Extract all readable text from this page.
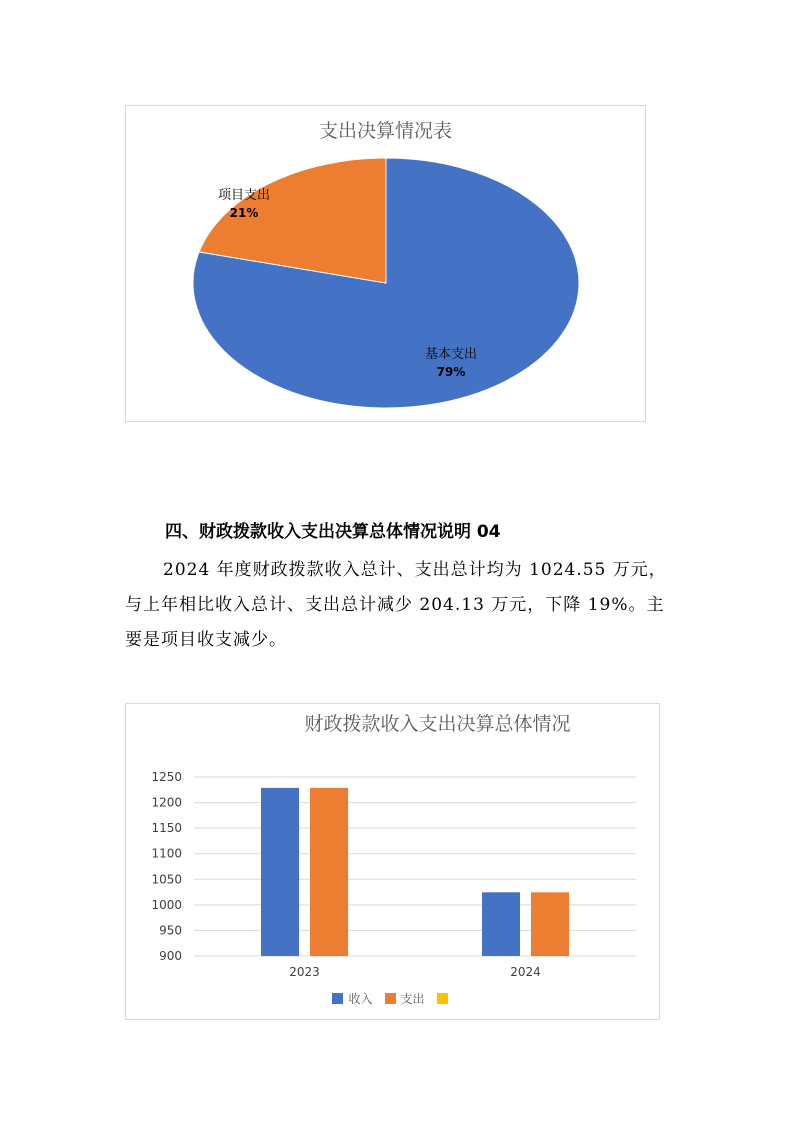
支出决算情况表
基本支出
79%
项目支出
21%
四、财政拨款收入支出决算总体情况说明 04
2024 年度财政拨款收入总计、支出总计均为 1024.55 万元，与上年相比收入总计、支出总计减少 204.13 万元，下降 19%。主要是项目收支减少。
财政拨款收入支出决算总体情况
1250
1200
1150
1100
1050
1000
950
900
2023	2024
收入 支出
